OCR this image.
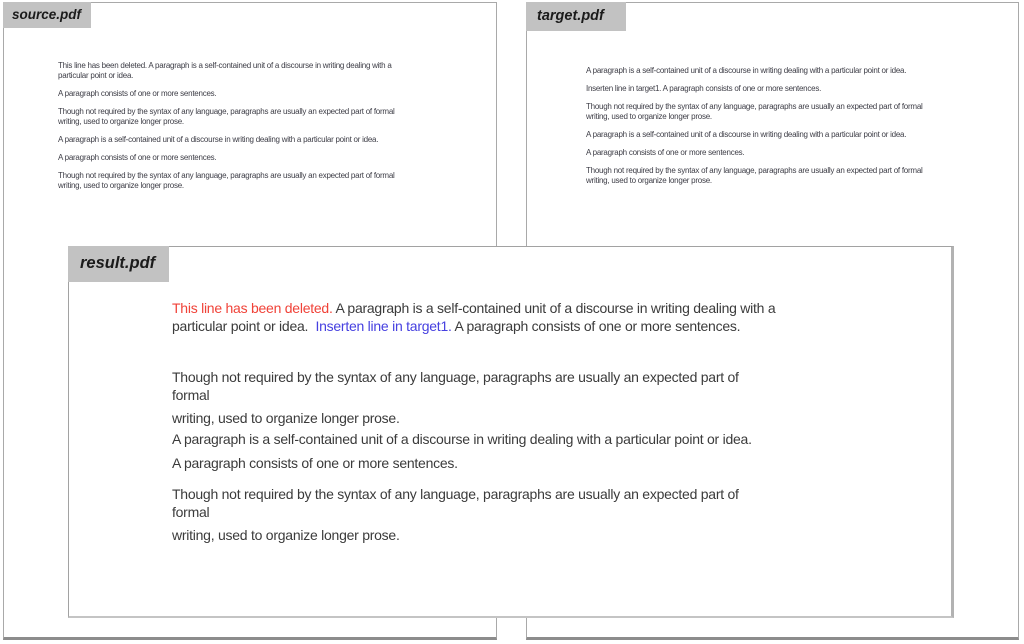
source.pdf

This line has been deleted. A paragraph is a self-contained unit of a discourse in writing dealing with a
particular point or idea.

A paragraph consists of one or more sentences.

Though not required by the syntax of any language, paragraphs are usually an expected part of formal
writing, used to organize longer prose.

A paragraph is a self-contained unit of a discourse in writing dealing with a particular point or idea.

A paragraph consists of one or more sentences.

Though not required by the syntax of any language, paragraphs are usually an expected part of formal
writing, used to organize longer prose.

target.pdf

A paragraph is a self-contained unit of a discourse in writing dealing with a particular point or idea.

Inserten line in target1. A paragraph consists of one or more sentences.

Though not required by the syntax of any language, paragraphs are usually an expected part of formal
writing, used to organize longer prose.

A paragraph is a self-contained unit of a discourse in writing dealing with a particular point or idea.

A paragraph consists of one or more sentences.

Though not required by the syntax of any language, paragraphs are usually an expected part of formal
writing, used to organize longer prose.

result.pdf

This line has been deleted. A paragraph is a self-contained unit of a discourse in writing dealing with a
particular point or idea.  Inserten line in target1. A paragraph consists of one or more sentences.

Though not required by the syntax of any language, paragraphs are usually an expected part of
formal

writing, used to organize longer prose.

A paragraph is a self-contained unit of a discourse in writing dealing with a particular point or idea.

A paragraph consists of one or more sentences.

Though not required by the syntax of any language, paragraphs are usually an expected part of
formal

writing, used to organize longer prose.
